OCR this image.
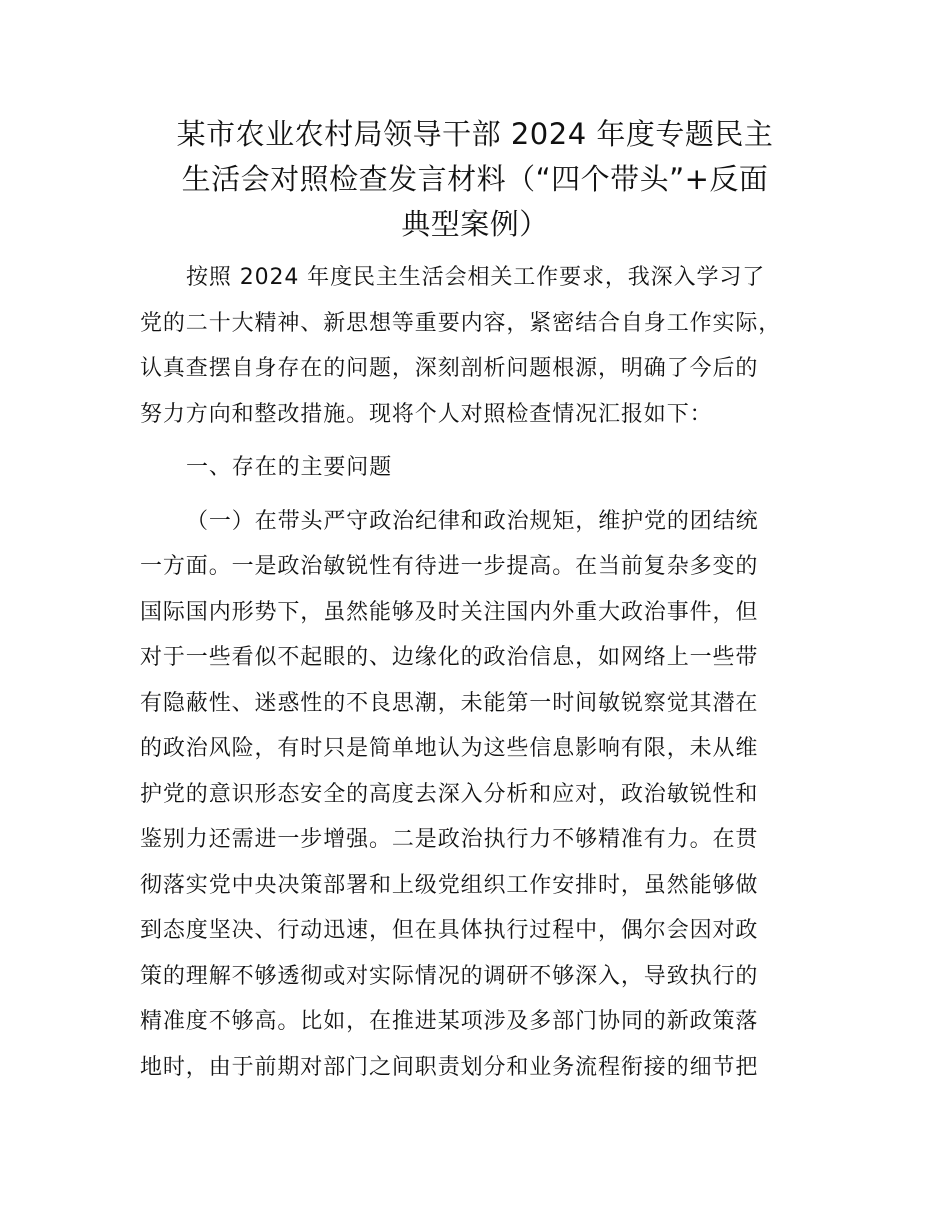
某市农业农村局领导干部 2024 年度专题民主
生活会对照检查发言材料（“四个带头”+反面
典型案例）
按照 2024 年度民主生活会相关工作要求，我深入学习了
党的二十大精神、新思想等重要内容，紧密结合自身工作实际，
认真查摆自身存在的问题，深刻剖析问题根源，明确了今后的
努力方向和整改措施。现将个人对照检查情况汇报如下：
一、存在的主要问题
（一）在带头严守政治纪律和政治规矩，维护党的团结统
一方面。一是政治敏锐性有待进一步提高。在当前复杂多变的
国际国内形势下，虽然能够及时关注国内外重大政治事件，但
对于一些看似不起眼的、边缘化的政治信息，如网络上一些带
有隐蔽性、迷惑性的不良思潮，未能第一时间敏锐察觉其潜在
的政治风险，有时只是简单地认为这些信息影响有限，未从维
护党的意识形态安全的高度去深入分析和应对，政治敏锐性和
鉴别力还需进一步增强。二是政治执行力不够精准有力。在贯
彻落实党中央决策部署和上级党组织工作安排时，虽然能够做
到态度坚决、行动迅速，但在具体执行过程中，偶尔会因对政
策的理解不够透彻或对实际情况的调研不够深入，导致执行的
精准度不够高。比如，在推进某项涉及多部门协同的新政策落
地时，由于前期对部门之间职责划分和业务流程衔接的细节把
